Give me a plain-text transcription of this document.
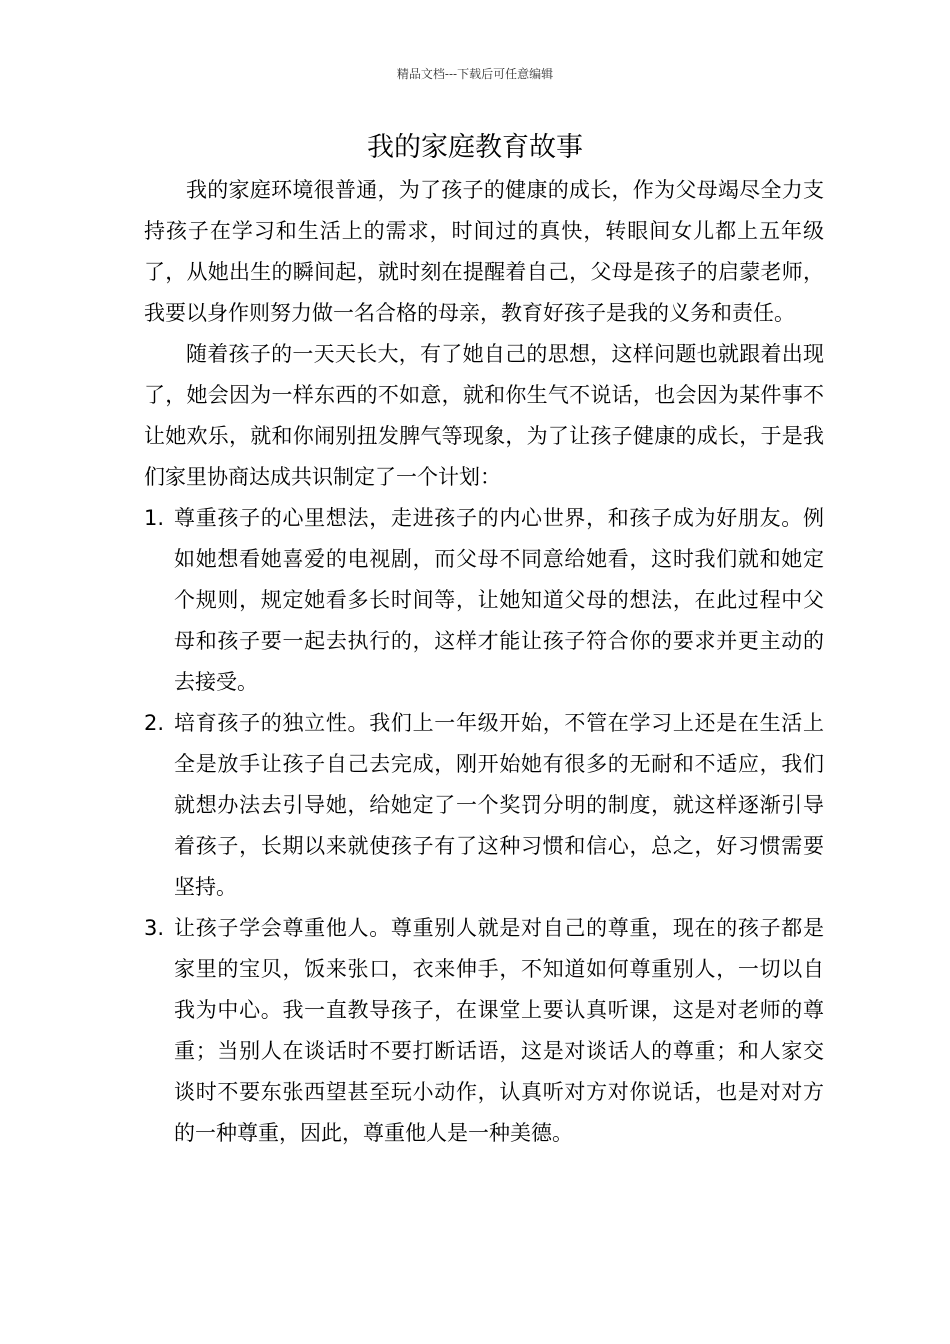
精品文档---下载后可任意编辑
我的家庭教育故事

我的家庭环境很普通，为了孩子的健康的成长，作为父母竭尽全力支持孩子在学习和生活上的需求，时间过的真快，转眼间女儿都上五年级了，从她出生的瞬间起，就时刻在提醒着自己，父母是孩子的启蒙老师，我要以身作则努力做一名合格的母亲，教育好孩子是我的义务和责任。

随着孩子的一天天长大，有了她自己的思想，这样问题也就跟着出现了，她会因为一样东西的不如意，就和你生气不说话，也会因为某件事不让她欢乐，就和你闹别扭发脾气等现象，为了让孩子健康的成长，于是我们家里协商达成共识制定了一个计划：

1. 尊重孩子的心里想法，走进孩子的内心世界，和孩子成为好朋友。例如她想看她喜爱的电视剧，而父母不同意给她看，这时我们就和她定个规则，规定她看多长时间等，让她知道父母的想法，在此过程中父母和孩子要一起去执行的，这样才能让孩子符合你的要求并更主动的去接受。
2. 培育孩子的独立性。我们上一年级开始，不管在学习上还是在生活上全是放手让孩子自己去完成，刚开始她有很多的无耐和不适应，我们就想办法去引导她，给她定了一个奖罚分明的制度，就这样逐渐引导着孩子，长期以来就使孩子有了这种习惯和信心，总之，好习惯需要坚持。
3. 让孩子学会尊重他人。尊重别人就是对自己的尊重，现在的孩子都是家里的宝贝，饭来张口，衣来伸手，不知道如何尊重别人，一切以自我为中心。我一直教导孩子，在课堂上要认真听课，这是对老师的尊重；当别人在谈话时不要打断话语，这是对谈话人的尊重；和人家交谈时不要东张西望甚至玩小动作，认真听对方对你说话，也是对对方的一种尊重，因此，尊重他人是一种美德。
